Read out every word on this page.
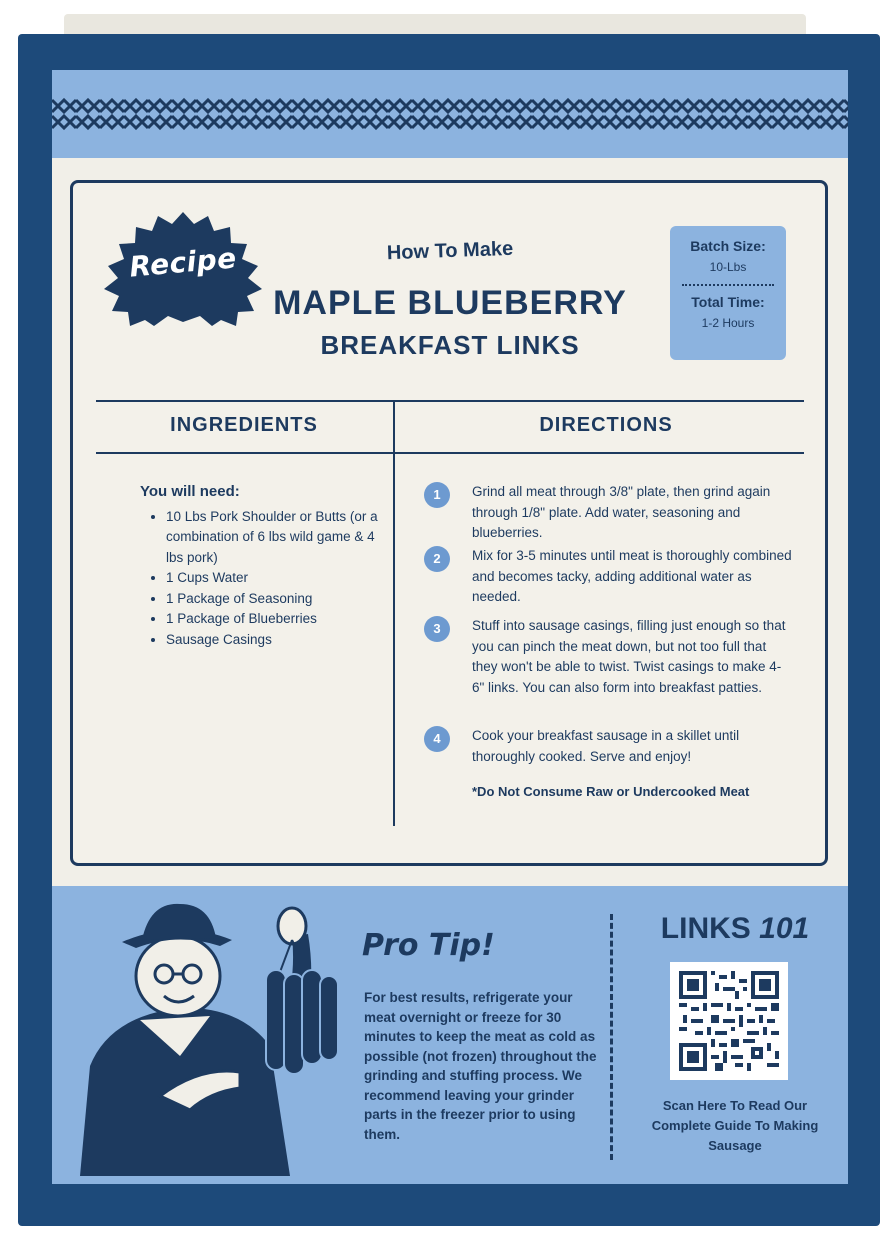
Recipe	How To Make
MAPLE BLUEBERRY
BREAKFAST LINKS
Batch Size:
10-Lbs
Total Time:
1-2 Hours
INGREDIENTS	DIRECTIONS
You will need:
• 10 Lbs Pork Shoulder or Butts (or a combination of 6 lbs wild game & 4 lbs pork)
• 1 Cups Water
• 1 Package of Seasoning
• 1 Package of Blueberries
• Sausage Casings
1	Grind all meat through 3/8" plate, then grind again through 1/8" plate. Add water, seasoning and blueberries.
2	Mix for 3-5 minutes until meat is thoroughly combined and becomes tacky, adding additional water as needed.
3	Stuff into sausage casings, filling just enough so that you can pinch the meat down, but not too full that they won't be able to twist. Twist casings to make 4-6" links. You can also form into breakfast patties.
4	Cook your breakfast sausage in a skillet until thoroughly cooked. Serve and enjoy!
*Do Not Consume Raw or Undercooked Meat
Pro Tip!
For best results, refrigerate your meat overnight or freeze for 30 minutes to keep the meat as cold as possible (not frozen) throughout the grinding and stuffing process. We recommend leaving your grinder parts in the freezer prior to using them.
LINKS 101
Scan Here To Read Our Complete Guide To Making Sausage
